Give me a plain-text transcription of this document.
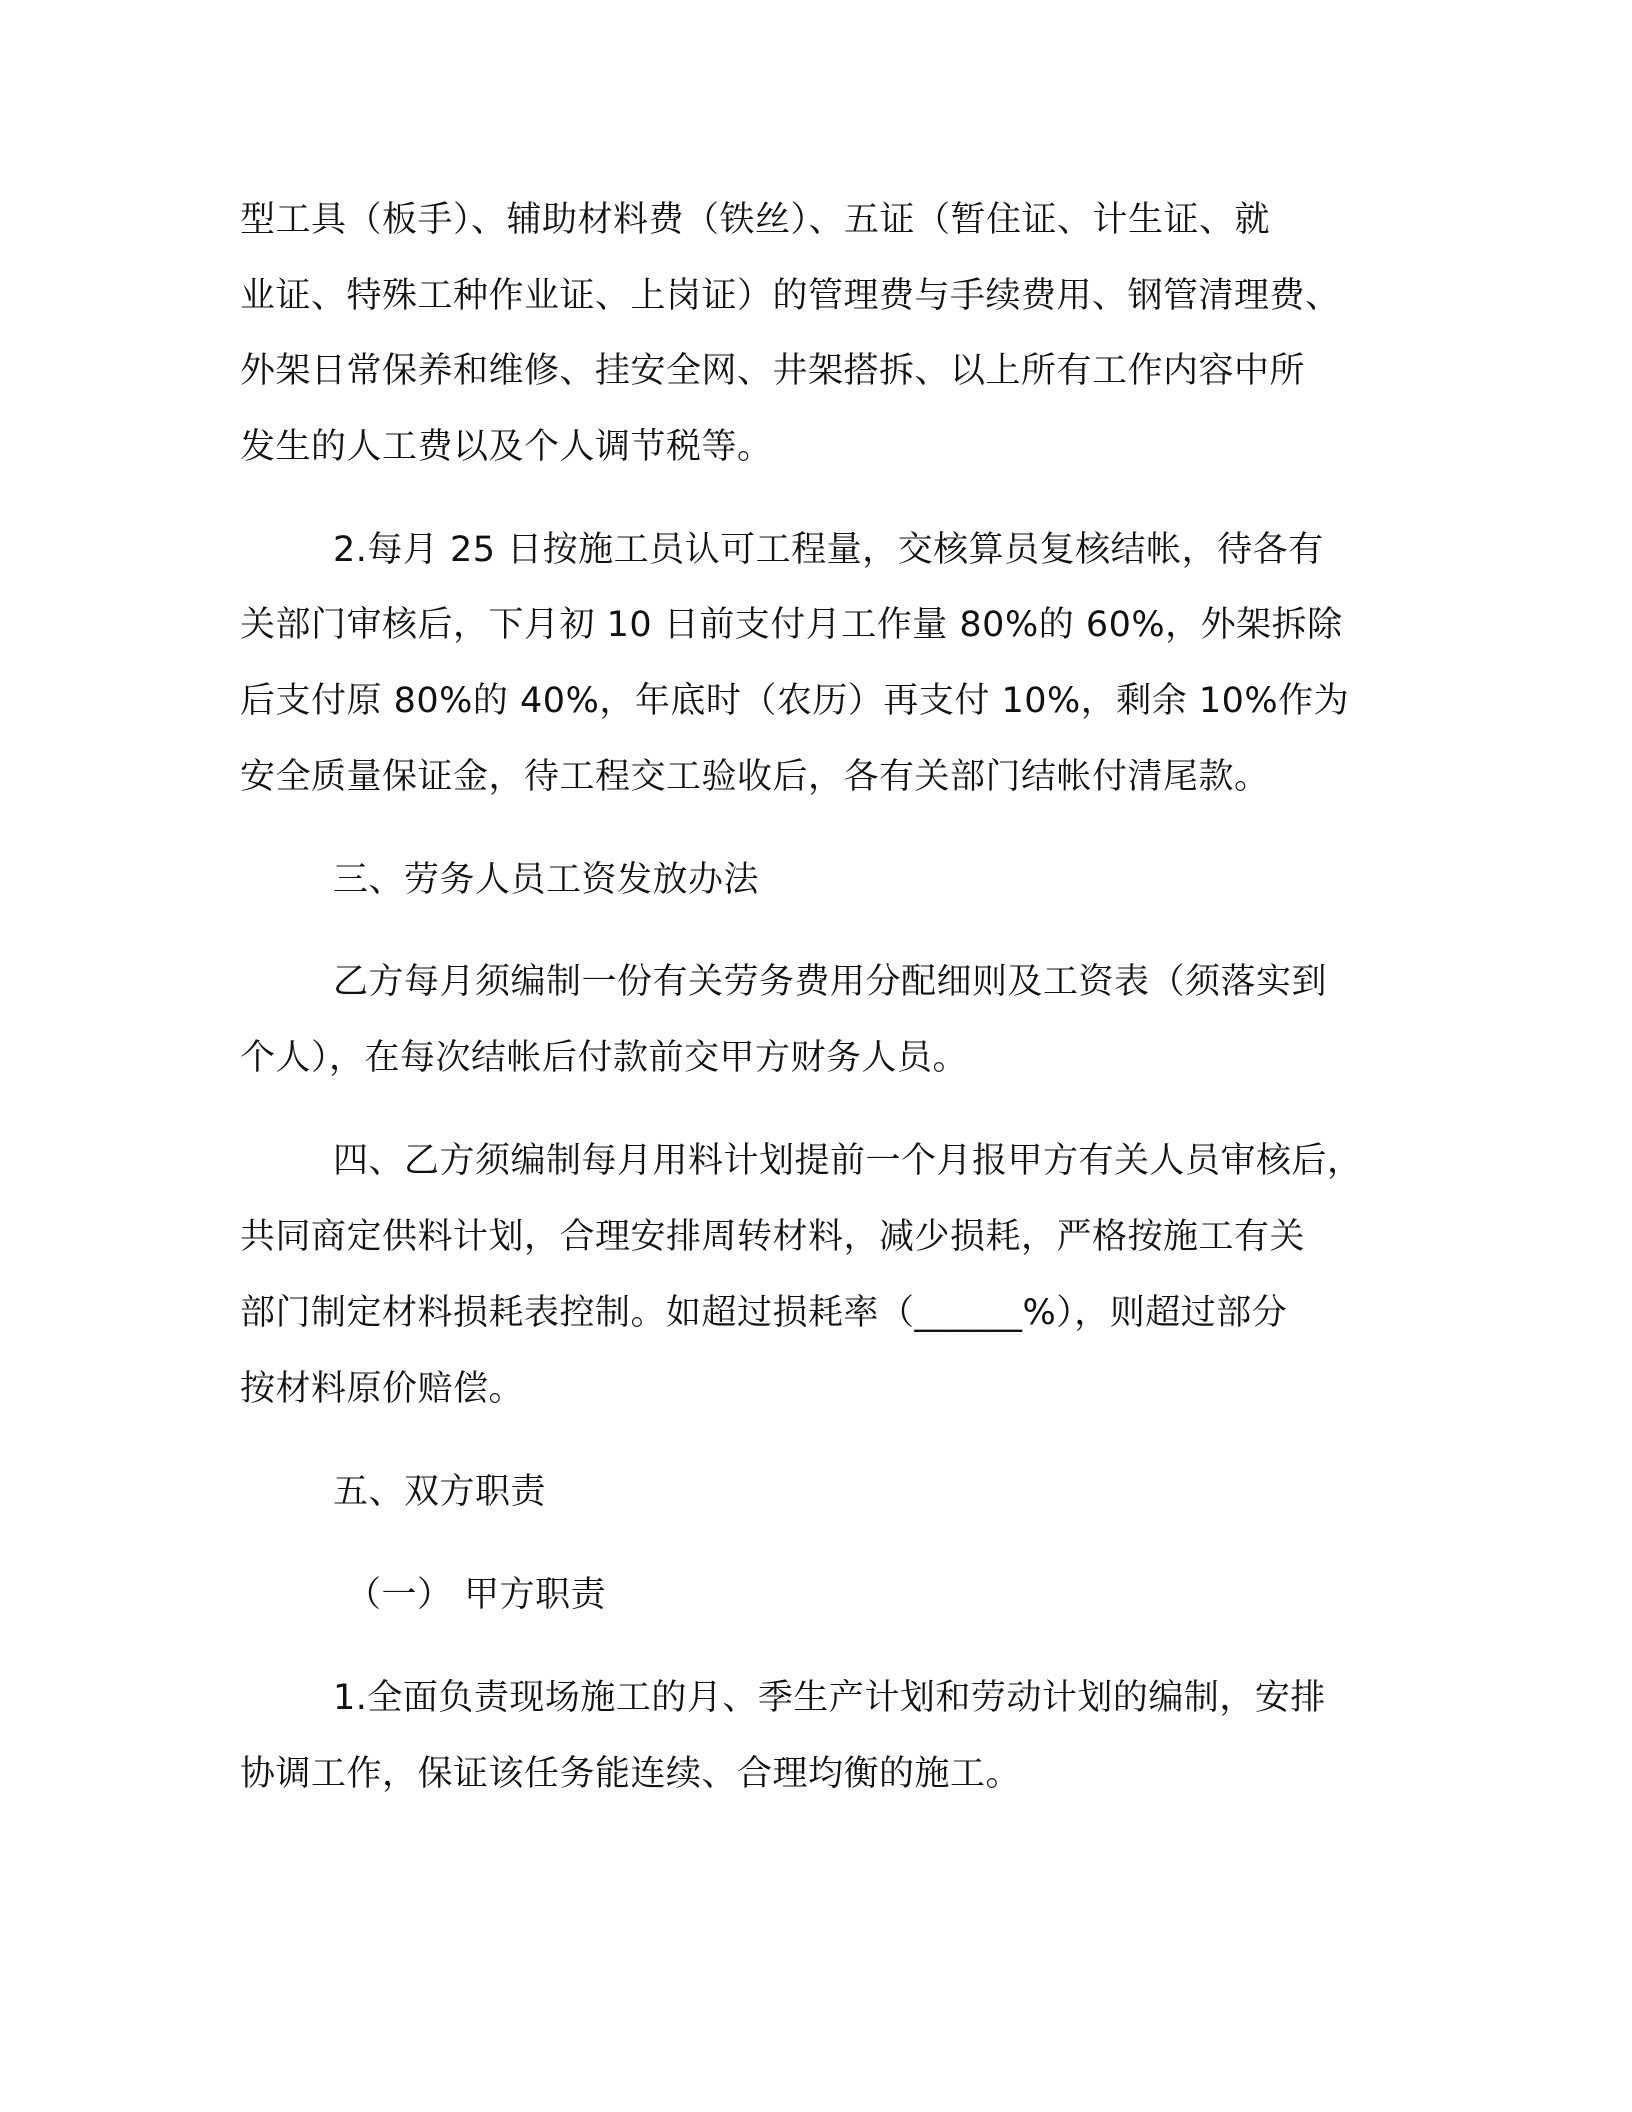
型工具（板手）、辅助材料费（铁丝）、五证（暂住证、计生证、就
业证、特殊工种作业证、上岗证）的管理费与手续费用、钢管清理费、
外架日常保养和维修、挂安全网、井架搭拆、以上所有工作内容中所
发生的人工费以及个人调节税等。
2.每月 25 日按施工员认可工程量，交核算员复核结帐，待各有
关部门审核后，下月初 10 日前支付月工作量 80%的 60%，外架拆除
后支付原 80%的 40%，年底时（农历）再支付 10%，剩余 10%作为
安全质量保证金，待工程交工验收后，各有关部门结帐付清尾款。
三、劳务人员工资发放办法
乙方每月须编制一份有关劳务费用分配细则及工资表（须落实到
个人），在每次结帐后付款前交甲方财务人员。
四、乙方须编制每月用料计划提前一个月报甲方有关人员审核后，
共同商定供料计划，合理安排周转材料，减少损耗，严格按施工有关
部门制定材料损耗表控制。如超过损耗率（______%），则超过部分
按材料原价赔偿。
五、双方职责
（一） 甲方职责
1.全面负责现场施工的月、季生产计划和劳动计划的编制，安排
协调工作，保证该任务能连续、合理均衡的施工。
